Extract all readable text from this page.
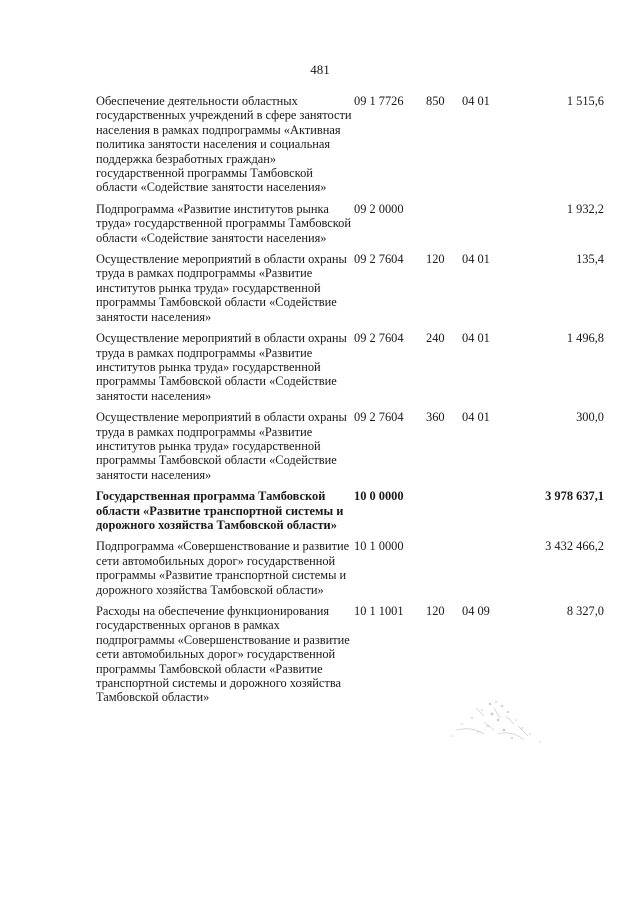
481
Обеспечение деятельности областных государственных учреждений в сфере занятости населения в рамках подпрограммы «Активная политика занятости населения и социальная поддержка безработных граждан» государственной программы Тамбовской области «Содействие занятости населения»	09 1 7726	850	04 01	1 515,6
Подпрограмма «Развитие институтов рынка труда» государственной программы Тамбовской области «Содействие занятости населения»	09 2 0000			1 932,2
Осуществление мероприятий в области охраны труда в рамках подпрограммы «Развитие институтов рынка труда» государственной программы Тамбовской области «Содействие занятости населения»	09 2 7604	120	04 01	135,4
Осуществление мероприятий в области охраны труда в рамках подпрограммы «Развитие институтов рынка труда» государственной программы Тамбовской области «Содействие занятости населения»	09 2 7604	240	04 01	1 496,8
Осуществление мероприятий в области охраны труда в рамках подпрограммы «Развитие институтов рынка труда» государственной программы Тамбовской области «Содействие занятости населения»	09 2 7604	360	04 01	300,0
Государственная программа Тамбовской области «Развитие транспортной системы и дорожного хозяйства Тамбовской области»	10 0 0000			3 978 637,1
Подпрограмма «Совершенствование и развитие сети автомобильных дорог» государственной программы «Развитие транспортной системы и дорожного хозяйства Тамбовской области»	10 1 0000			3 432 466,2
Расходы на обеспечение функционирования государственных органов в рамках подпрограммы «Совершенствование и развитие сети автомобильных дорог» государственной программы Тамбовской области «Развитие транспортной системы и дорожного хозяйства Тамбовской области»	10 1 1001	120	04 09	8 327,0
